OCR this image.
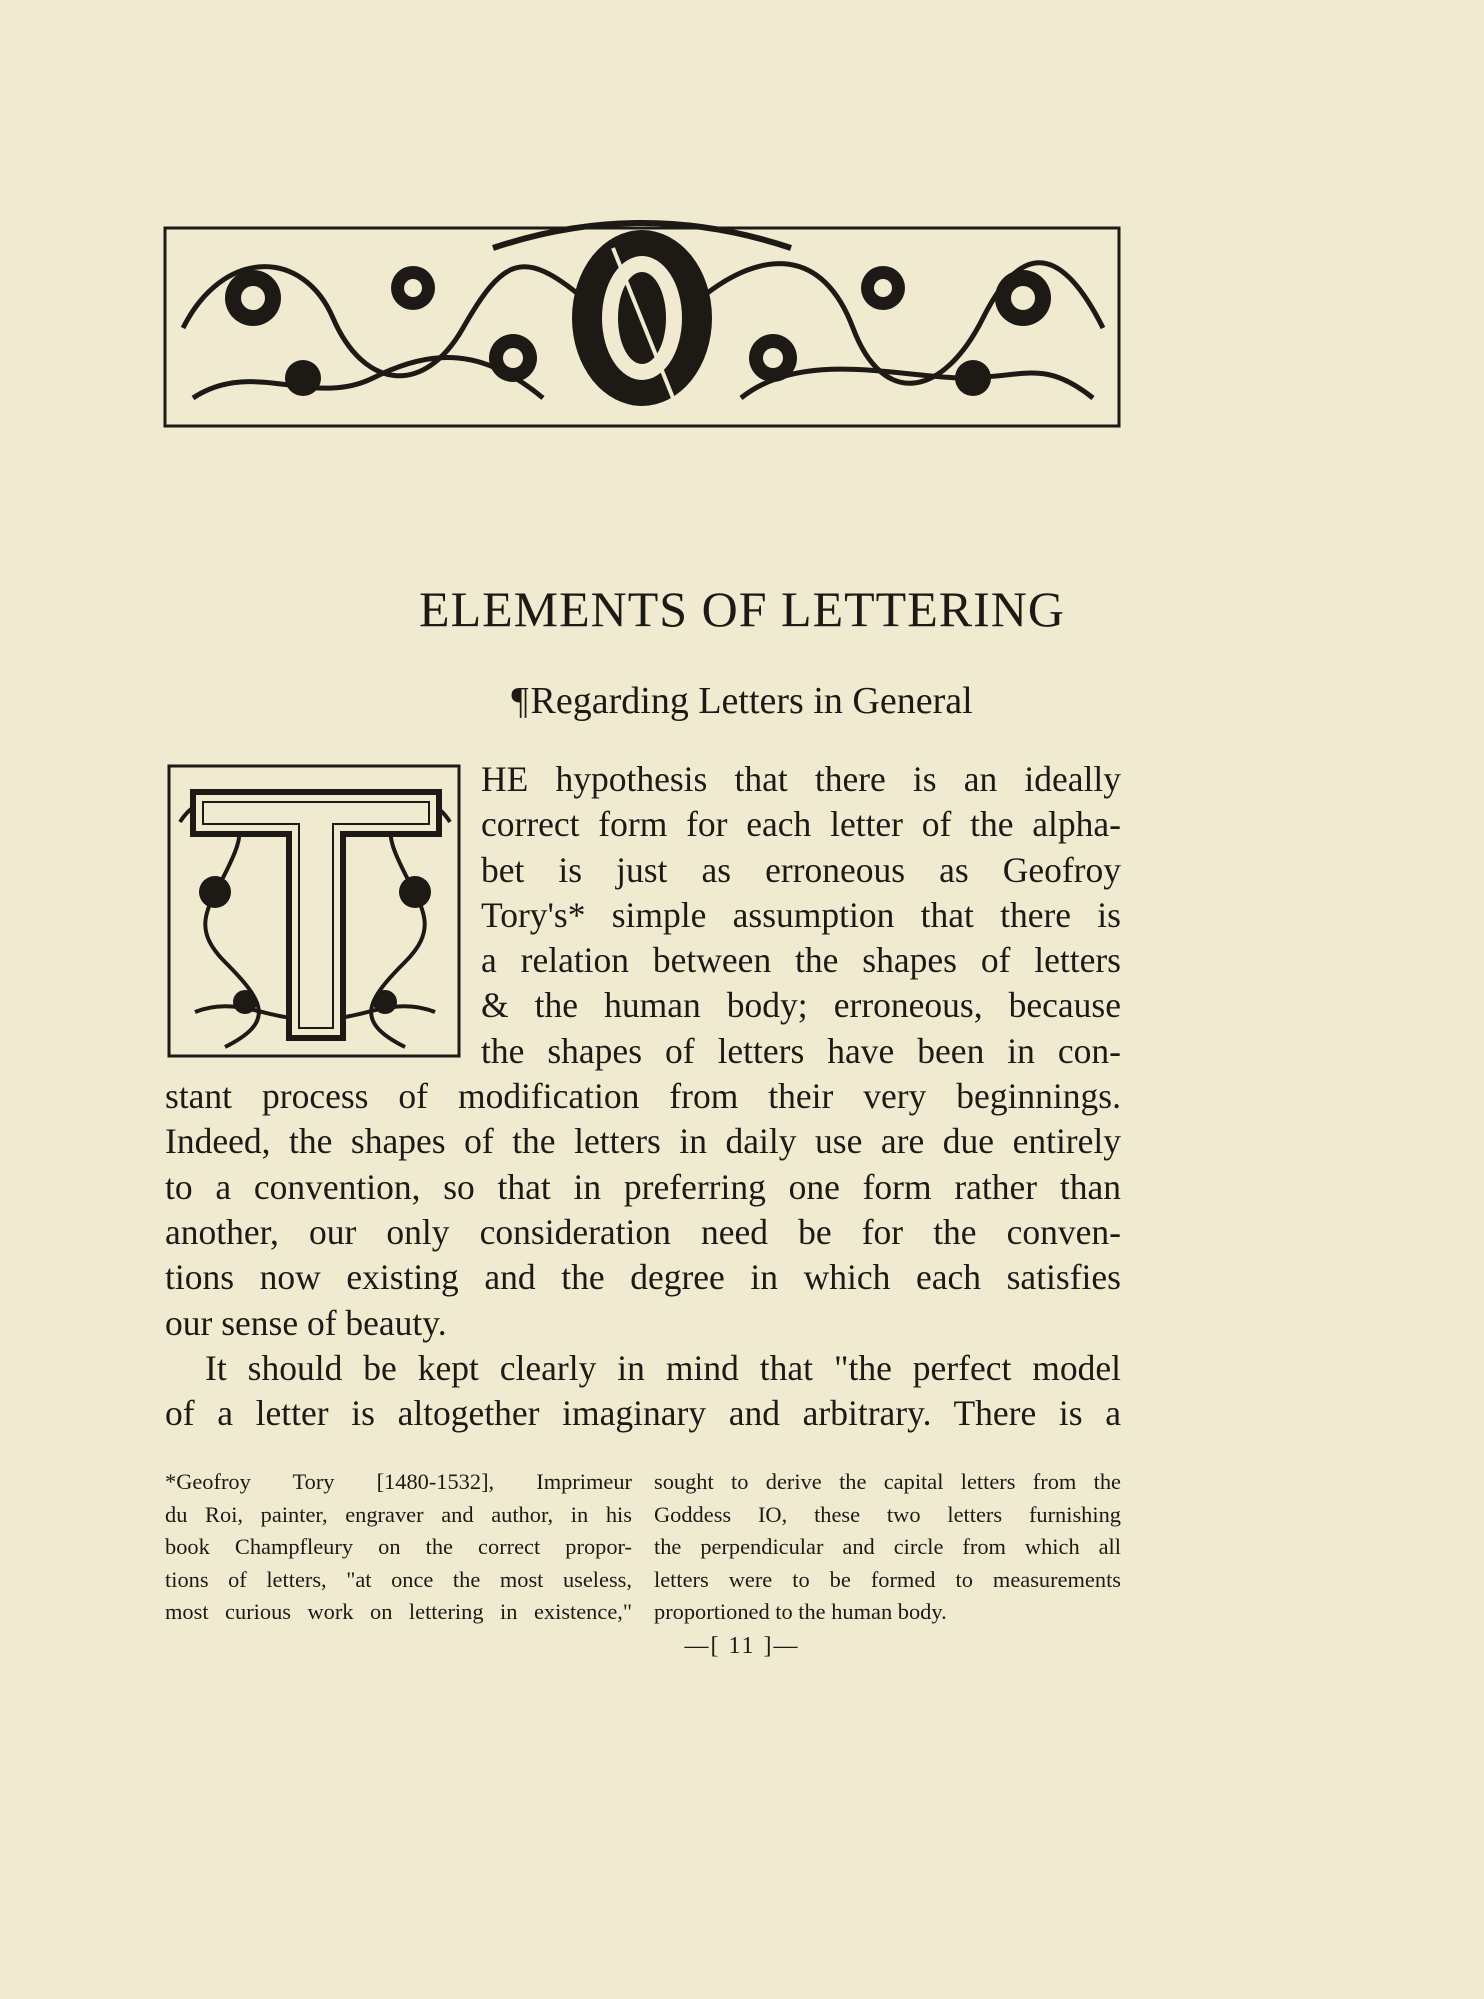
ELEMENTS OF LETTERING
¶Regarding Letters in General
HE hypothesis that there is an ideally
correct form for each letter of the alpha-
bet is just as erroneous as Geofroy
Tory's* simple assumption that there is
a relation between the shapes of letters
& the human body; erroneous, because
the shapes of letters have been in con-
stant process of modification from their very beginnings.
Indeed, the shapes of the letters in daily use are due entirely
to a convention, so that in preferring one form rather than
another, our only consideration need be for the conven-
tions now existing and the degree in which each satisfies
our sense of beauty.
It should be kept clearly in mind that "the perfect model
of a letter is altogether imaginary and arbitrary. There is a
*Geofroy Tory [1480-1532], Imprimeur
du Roi, painter, engraver and author, in his
book Champfleury on the correct propor-
tions of letters, "at once the most useless,
most curious work on lettering in existence,"
sought to derive the capital letters from the
Goddess IO, these two letters furnishing
the perpendicular and circle from which all
letters were to be formed to measurements
proportioned to the human body.
—[ 11 ]—
